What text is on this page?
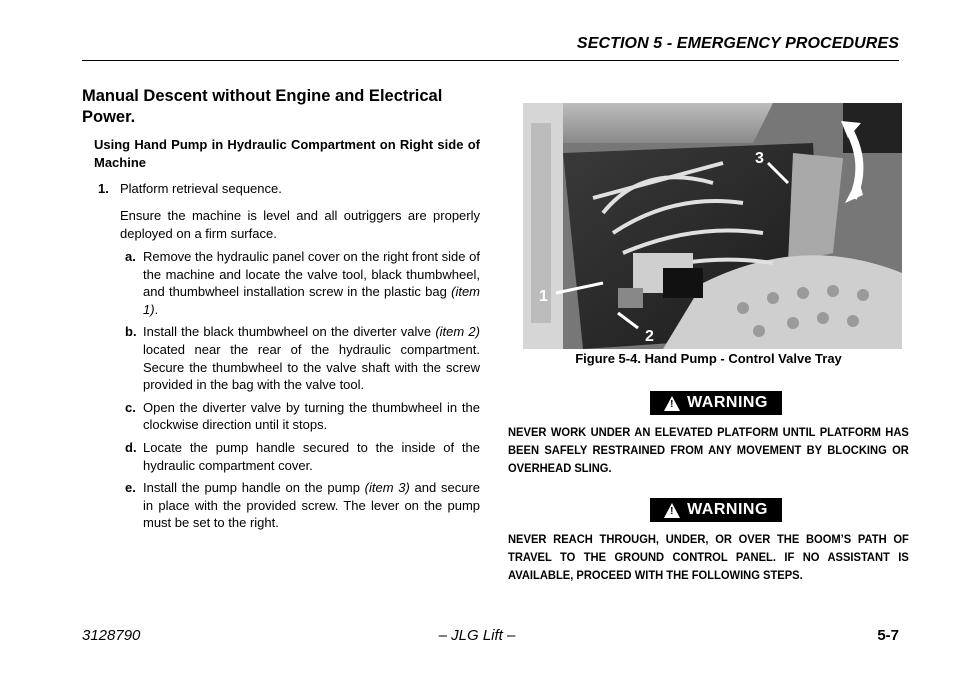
SECTION 5 - EMERGENCY PROCEDURES

Manual Descent without Engine and Electrical Power.

Using Hand Pump in Hydraulic Compartment on Right side of Machine

1. Platform retrieval sequence.

Ensure the machine is level and all outriggers are properly deployed on a firm surface.

a. Remove the hydraulic panel cover on the right front side of the machine and locate the valve tool, black thumbwheel, and thumbwheel installation screw in the plastic bag (item 1).
b. Install the black thumbwheel on the diverter valve (item 2) located near the rear of the hydraulic compartment. Secure the thumbwheel to the valve shaft with the screw provided in the bag with the valve tool.
c. Open the diverter valve by turning the thumbwheel in the clockwise direction until it stops.
d. Locate the pump handle secured to the inside of the hydraulic compartment cover.
e. Install the pump handle on the pump (item 3) and secure in place with the provided screw. The lever on the pump must be set to the right.
1
2
3
Figure 5-4. Hand Pump - Control Valve Tray
! WARNING
NEVER WORK UNDER AN ELEVATED PLATFORM UNTIL PLATFORM HAS BEEN SAFELY RESTRAINED FROM ANY MOVEMENT BY BLOCKING OR OVERHEAD SLING.
! WARNING
NEVER REACH THROUGH, UNDER, OR OVER THE BOOM’S PATH OF TRAVEL TO THE GROUND CONTROL PANEL. IF NO ASSISTANT IS AVAILABLE, PROCEED WITH THE FOLLOWING STEPS.
3128790	– JLG Lift –	5-7
